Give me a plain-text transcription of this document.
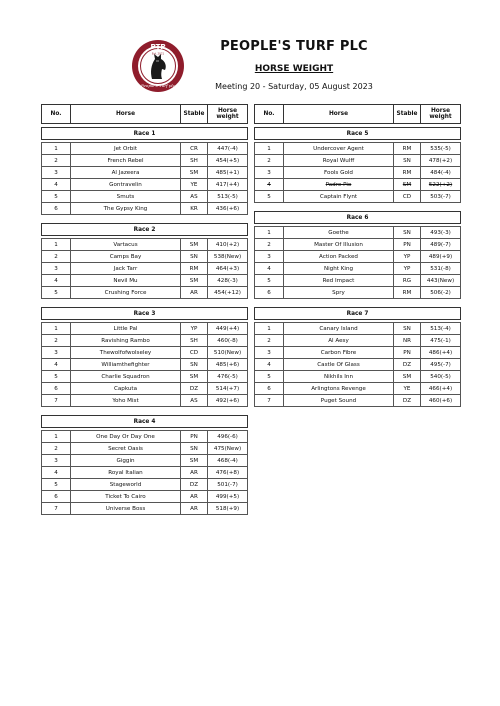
PTP
Est. 2021
People's Turf plc
PEOPLE'S TURF PLC
HORSE WEIGHT
Meeting 20 - Saturday, 05 August 2023
No.	Horse	Stable	Horse weight
No.	Horse	Stable	Horse weight
Race 1			

1	Jet Orbit	CR	447(-4)
2	French Rebel	SH	454(+5)
3	Al Jazeera	SM	485(+1)
4	Gontravelin	YE	417(+4)
5	Smuts	AS	513(-5)
6	The Gypsy King	KR	436(+6)
Race 2			

1	Vartacus	SM	410(+2)
2	Camps Bay	SN	538(New)
3	Jack Tarr	RM	464(+3)
4	Nevil Mu	SM	428(-3)
5	Crushing Force	AR	454(+12)
Race 3			

1	Little Pal	YP	449(+4)
2	Ravishing Rambo	SH	460(-8)
3	Thewolfofwolseley	CD	510(New)
4	Williamthefighter	SN	485(+6)
5	Charlie Squadron	SM	476(-5)
6	Capkuta	DZ	514(+7)
7	Yoho Mist	AS	492(+6)
Race 4			

1	One Day Or Day One	PN	496(-6)
2	Secret Oasis	SN	475(New)
3	Giggin	SM	468(-4)
4	Royal Italian	AR	476(+8)
5	Stageworld	DZ	501(-7)
6	Ticket To Cairo	AR	499(+5)
7	Universe Boss	AR	518(+9)
Race 5			

1	Undercover Agent	RM	535(-5)
2	Royal Wulff	SN	478(+2)
3	Fools Gold	RM	484(-4)
4	Padre Pio	SM	522(+2)
5	Captain Flynt	CD	503(-7)
Race 6			

1	Goethe	SN	493(-3)
2	Master Of Illusion	PN	489(-7)
3	Action Packed	YP	489(+9)
4	Night King	YP	531(-8)
5	Red Impact	RG	443(New)
6	Spry	RM	506(-2)
Race 7			

1	Canary Island	SN	513(-4)
2	Al Aesy	NR	475(-1)
3	Carbon Fibre	PN	486(+4)
4	Castle Of Glass	DZ	495(-7)
5	Nikhils Inn	SM	540(-5)
6	Arlingtons Revenge	YE	466(+4)
7	Puget Sound	DZ	460(+6)
